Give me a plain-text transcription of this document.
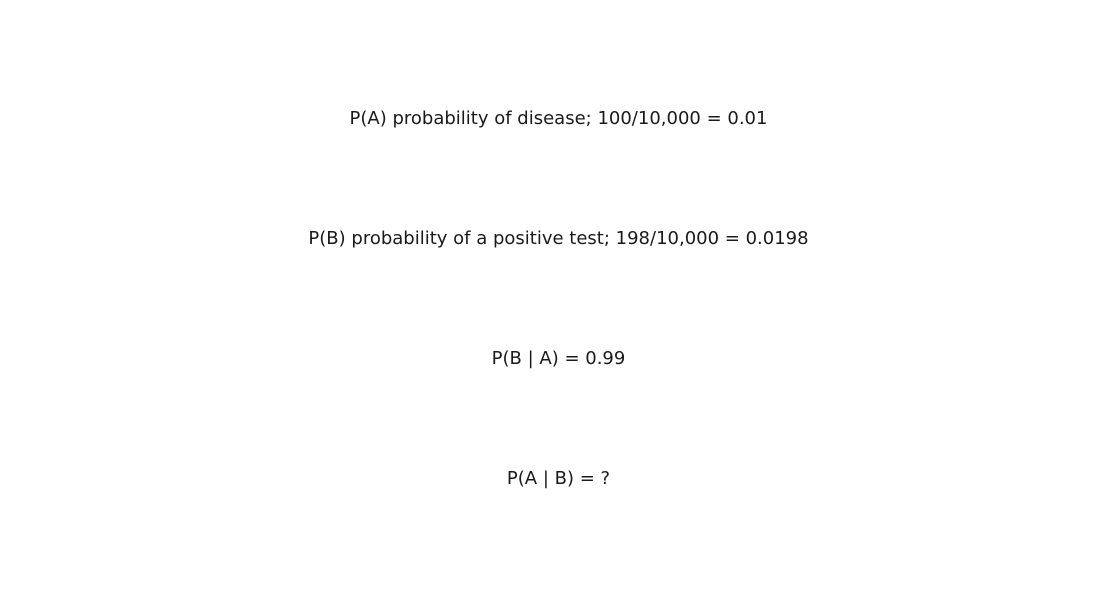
P(A) probability of disease; 100/10,000 = 0.01
P(B) probability of a positive test; 198/10,000 = 0.0198
P(B | A) = 0.99
P(A | B) = ?
